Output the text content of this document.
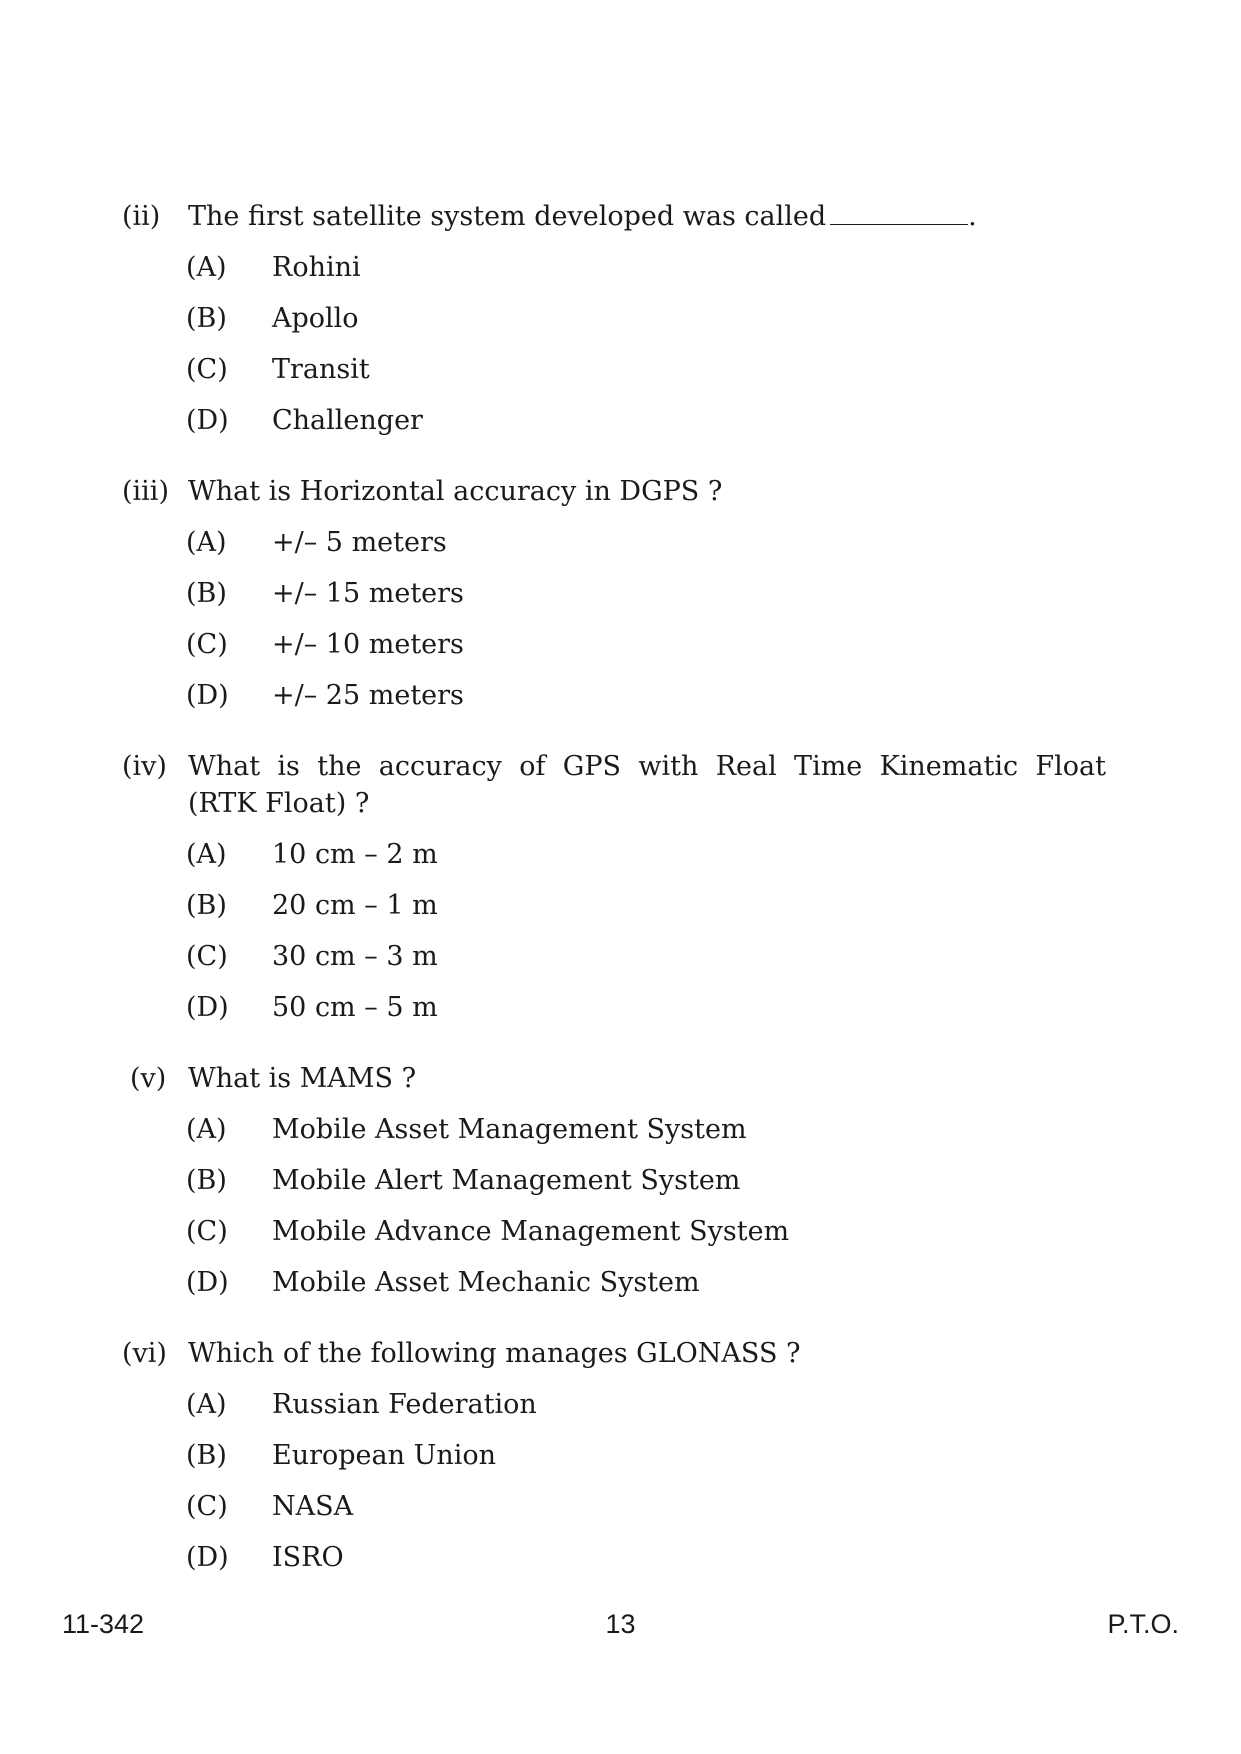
(ii) The first satellite system developed was called	.
(A) Rohini
(B) Apollo
(C) Transit
(D) Challenger
(iii) What is Horizontal accuracy in DGPS ?
(A) +/– 5 meters
(B) +/– 15 meters
(C) +/– 10 meters
(D) +/– 25 meters
(iv) What is the accuracy of GPS with Real Time Kinematic Float
(RTK Float) ?
(A) 10 cm – 2 m
(B) 20 cm – 1 m
(C) 30 cm – 3 m
(D) 50 cm – 5 m
(v) What is MAMS ?
(A) Mobile Asset Management System
(B) Mobile Alert Management System
(C) Mobile Advance Management System
(D) Mobile Asset Mechanic System
(vi) Which of the following manages GLONASS ?
(A) Russian Federation
(B) European Union
(C) NASA
(D) ISRO
11-342	13	P.T.O.
